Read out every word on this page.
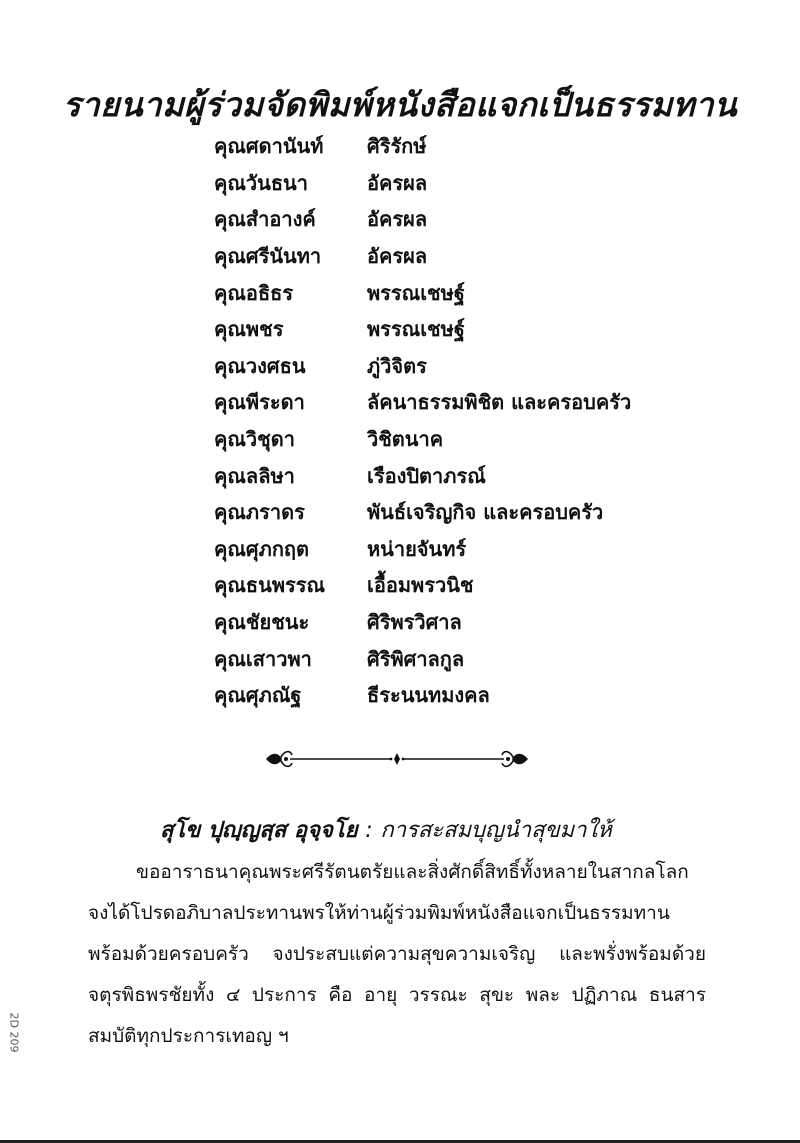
รายนามผู้ร่วมจัดพิมพ์หนังสือแจกเป็นธรรมทาน
คุณศดานันท์	ศิริรักษ์
คุณวันธนา	อัครผล
คุณสำอางค์	อัครผล
คุณศรีนันทา	อัครผล
คุณอธิธร	พรรณเชษฐ์
คุณพชร	พรรณเชษฐ์
คุณวงศธน	ภู่วิจิตร
คุณพีระดา	ลัคนาธรรมพิชิต และครอบครัว
คุณวิชุดา	วิชิตนาค
คุณลลิษา	เรืองปิตาภรณ์
คุณภราดร	พันธ์เจริญกิจ และครอบครัว
คุณศุภกฤต	หน่ายจันทร์
คุณธนพรรณ	เอื้อมพรวนิช
คุณชัยชนะ	ศิริพรวิศาล
คุณเสาวพา	ศิริพิศาลกูล
คุณศุภณัฐ	ธีระนนทมงคล
สุโข ปุญฺญสฺส อุจฺจโย : การสะสมบุญนำสุขมาให้

ขออาราธนาคุณพระศรีรัตนตรัยและสิ่งศักดิ์สิทธิ์ทั้งหลายในสากลโลก

จงได้โปรดอภิบาลประทานพรให้ท่านผู้ร่วมพิมพ์หนังสือแจกเป็นธรรมทาน

พร้อมด้วยครอบครัว จงประสบแต่ความสุขความเจริญ และพรั่งพร้อมด้วย

จตุรพิธพรชัยทั้ง ๔ ประการ คือ อายุ วรรณะ สุขะ พละ ปฏิภาณ ธนสาร

สมบัติทุกประการเทอญ ฯ

2D 209
